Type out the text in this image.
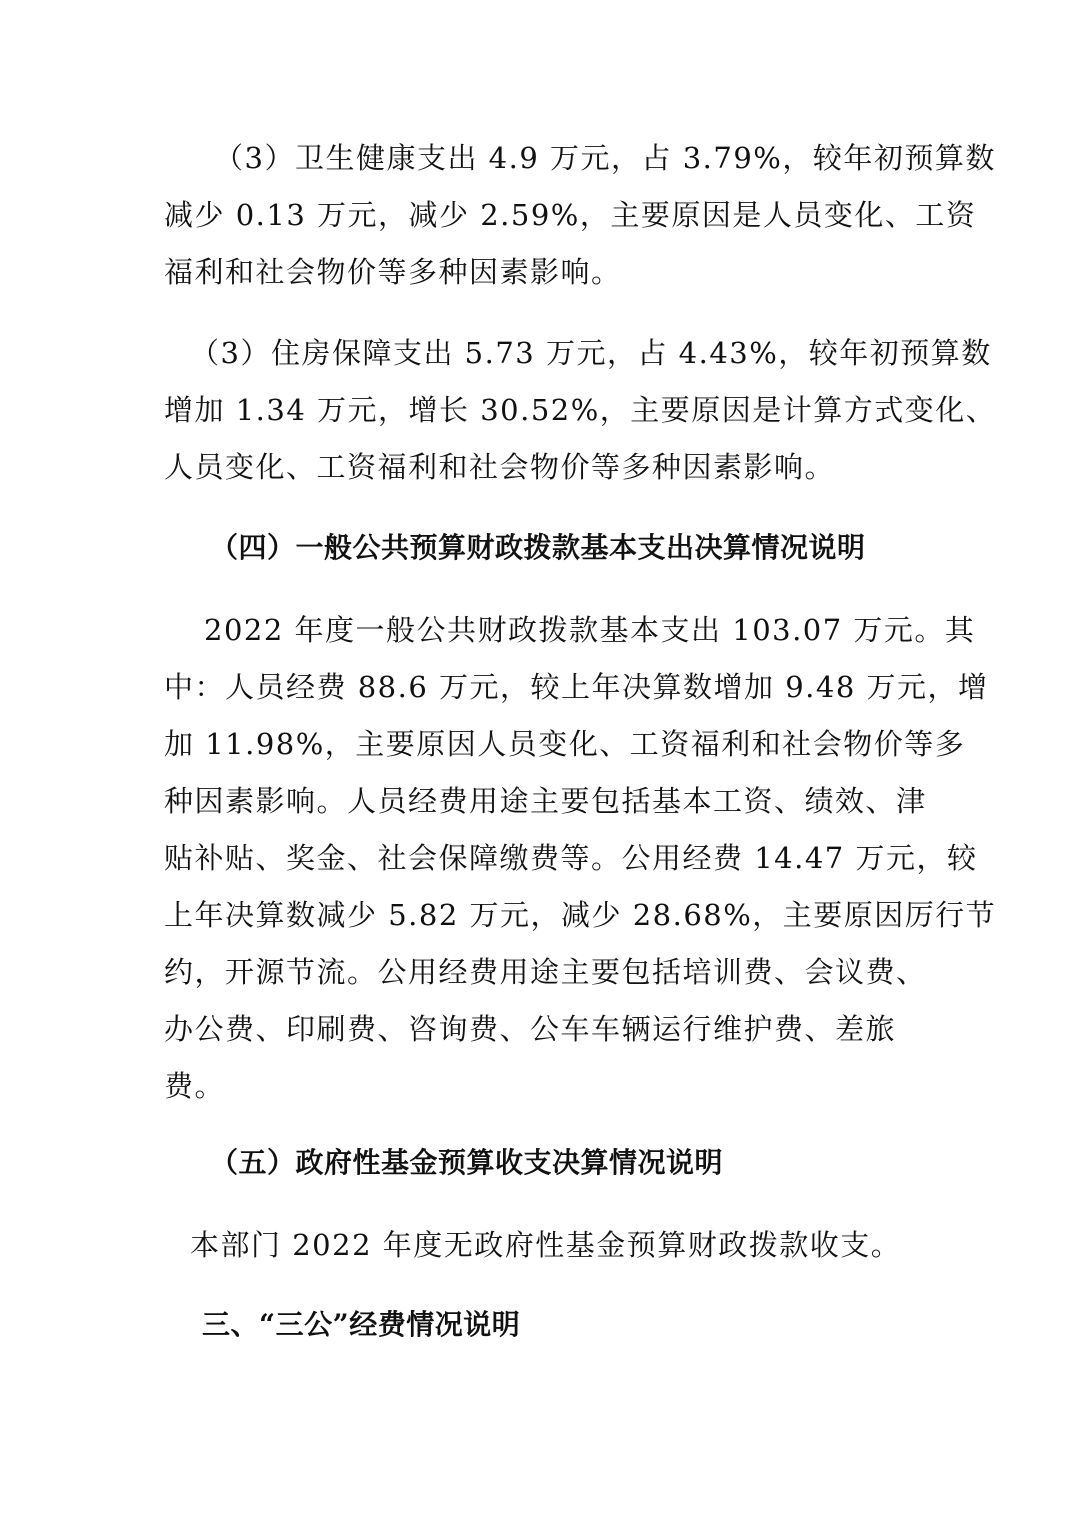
（3）卫生健康支出 4.9 万元，占 3.79%，较年初预算数
减少 0.13 万元，减少 2.59%，主要原因是人员变化、工资
福利和社会物价等多种因素影响。
（3）住房保障支出 5.73 万元，占 4.43%，较年初预算数
增加 1.34 万元，增长 30.52%，主要原因是计算方式变化、
人员变化、工资福利和社会物价等多种因素影响。
（四）一般公共预算财政拨款基本支出决算情况说明
2022 年度一般公共财政拨款基本支出 103.07 万元。其
中：人员经费 88.6 万元，较上年决算数增加 9.48 万元，增
加 11.98%，主要原因人员变化、工资福利和社会物价等多
种因素影响。人员经费用途主要包括基本工资、绩效、津
贴补贴、奖金、社会保障缴费等。公用经费 14.47 万元，较
上年决算数减少 5.82 万元，减少 28.68%，主要原因厉行节
约，开源节流。公用经费用途主要包括培训费、会议费、
办公费、印刷费、咨询费、公车车辆运行维护费、差旅
费。
（五）政府性基金预算收支决算情况说明
本部门 2022 年度无政府性基金预算财政拨款收支。
三、“三公”经费情况说明
